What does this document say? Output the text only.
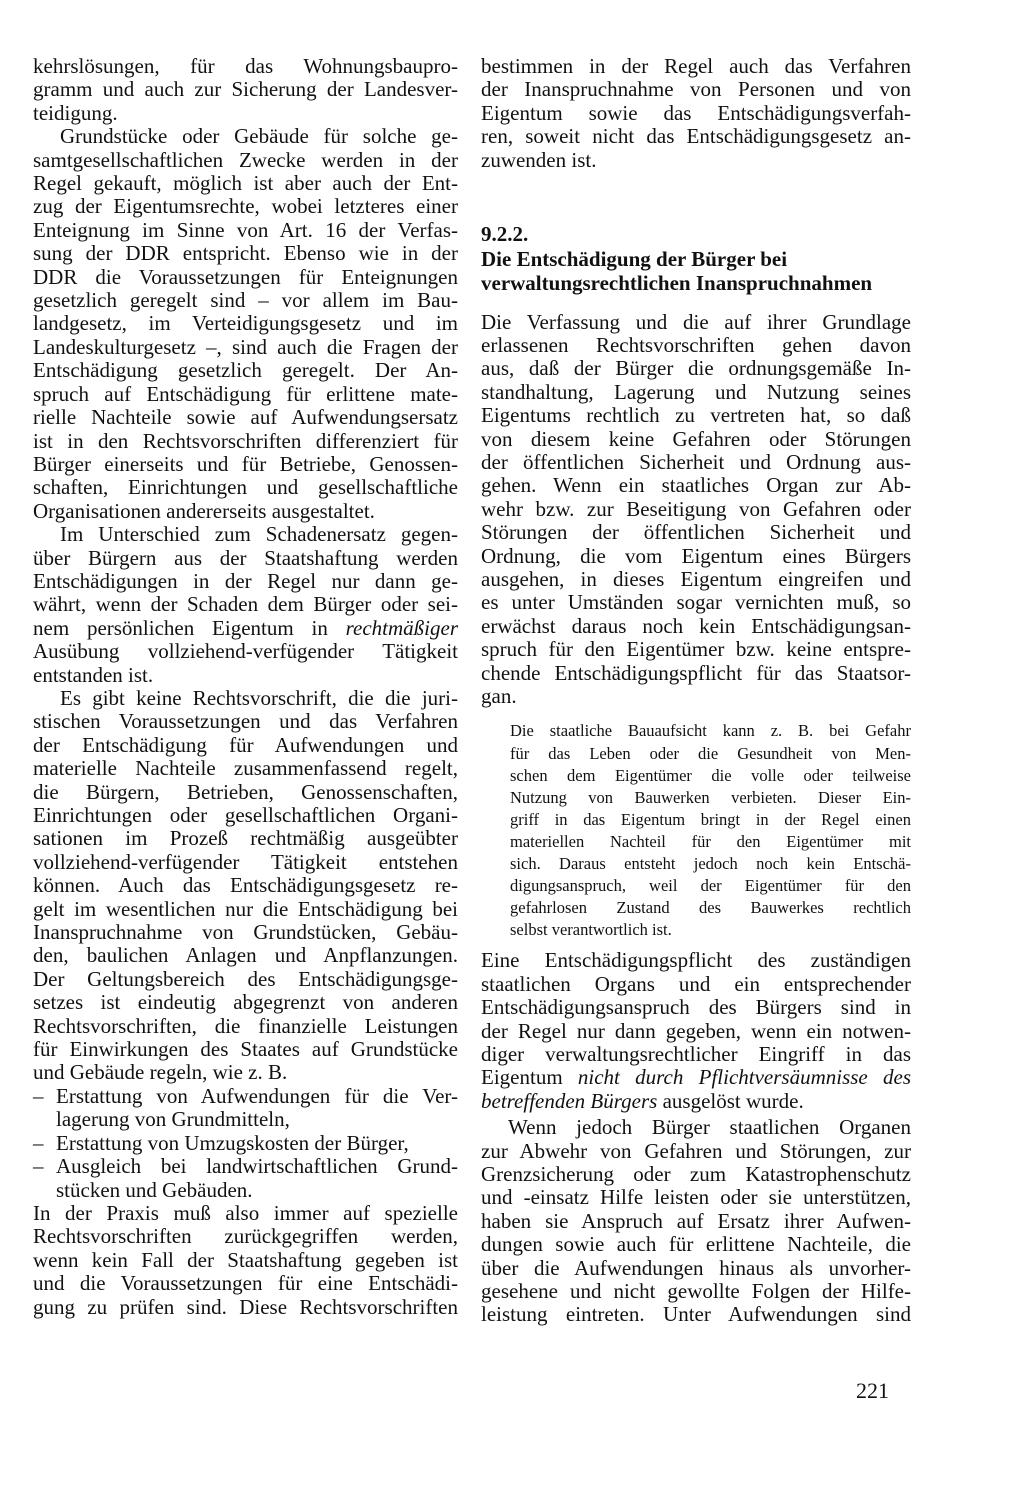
kehrslösungen, für das Wohnungsbaupro-
gramm und auch zur Sicherung der Landesver-
teidigung.
Grundstücke oder Gebäude für solche ge-
samtgesellschaftlichen Zwecke werden in der
Regel gekauft, möglich ist aber auch der Ent-
zug der Eigentumsrechte, wobei letzteres einer
Enteignung im Sinne von Art. 16 der Verfas-
sung der DDR entspricht. Ebenso wie in der
DDR die Voraussetzungen für Enteignungen
gesetzlich geregelt sind – vor allem im Bau-
landgesetz, im Verteidigungsgesetz und im
Landeskulturgesetz –, sind auch die Fragen der
Entschädigung gesetzlich geregelt. Der An-
spruch auf Entschädigung für erlittene mate-
rielle Nachteile sowie auf Aufwendungsersatz
ist in den Rechtsvorschriften differenziert für
Bürger einerseits und für Betriebe, Genossen-
schaften, Einrichtungen und gesellschaftliche
Organisationen andererseits ausgestaltet.
Im Unterschied zum Schadenersatz gegen-
über Bürgern aus der Staatshaftung werden
Entschädigungen in der Regel nur dann ge-
währt, wenn der Schaden dem Bürger oder sei-
nem persönlichen Eigentum in rechtmäßiger
Ausübung vollziehend-verfügender Tätigkeit
entstanden ist.
Es gibt keine Rechtsvorschrift, die die juri-
stischen Voraussetzungen und das Verfahren
der Entschädigung für Aufwendungen und
materielle Nachteile zusammenfassend regelt,
die Bürgern, Betrieben, Genossenschaften,
Einrichtungen oder gesellschaftlichen Organi-
sationen im Prozeß rechtmäßig ausgeübter
vollziehend-verfügender Tätigkeit entstehen
können. Auch das Entschädigungsgesetz re-
gelt im wesentlichen nur die Entschädigung bei
Inanspruchnahme von Grundstücken, Gebäu-
den, baulichen Anlagen und Anpflanzungen.
Der Geltungsbereich des Entschädigungsge-
setzes ist eindeutig abgegrenzt von anderen
Rechtsvorschriften, die finanzielle Leistungen
für Einwirkungen des Staates auf Grundstücke
und Gebäude regeln, wie z. B.
– Erstattung von Aufwendungen für die Ver-
lagerung von Grundmitteln,
– Erstattung von Umzugskosten der Bürger,
– Ausgleich bei landwirtschaftlichen Grund-
stücken und Gebäuden.
In der Praxis muß also immer auf spezielle
Rechtsvorschriften zurückgegriffen werden,
wenn kein Fall der Staatshaftung gegeben ist
und die Voraussetzungen für eine Entschädi-
gung zu prüfen sind. Diese Rechtsvorschriften
bestimmen in der Regel auch das Verfahren
der Inanspruchnahme von Personen und von
Eigentum sowie das Entschädigungsverfah-
ren, soweit nicht das Entschädigungsgesetz an-
zuwenden ist.
9.2.2.
Die Entschädigung der Bürger bei
verwaltungsrechtlichen Inanspruchnahmen
Die Verfassung und die auf ihrer Grundlage
erlassenen Rechtsvorschriften gehen davon
aus, daß der Bürger die ordnungsgemäße In-
standhaltung, Lagerung und Nutzung seines
Eigentums rechtlich zu vertreten hat, so daß
von diesem keine Gefahren oder Störungen
der öffentlichen Sicherheit und Ordnung aus-
gehen. Wenn ein staatliches Organ zur Ab-
wehr bzw. zur Beseitigung von Gefahren oder
Störungen der öffentlichen Sicherheit und
Ordnung, die vom Eigentum eines Bürgers
ausgehen, in dieses Eigentum eingreifen und
es unter Umständen sogar vernichten muß, so
erwächst daraus noch kein Entschädigungsan-
spruch für den Eigentümer bzw. keine entspre-
chende Entschädigungspflicht für das Staatsor-
gan.
Die staatliche Bauaufsicht kann z. B. bei Gefahr
für das Leben oder die Gesundheit von Men-
schen dem Eigentümer die volle oder teilweise
Nutzung von Bauwerken verbieten. Dieser Ein-
griff in das Eigentum bringt in der Regel einen
materiellen Nachteil für den Eigentümer mit
sich. Daraus entsteht jedoch noch kein Entschä-
digungsanspruch, weil der Eigentümer für den
gefahrlosen Zustand des Bauwerkes rechtlich
selbst verantwortlich ist.
Eine Entschädigungspflicht des zuständigen
staatlichen Organs und ein entsprechender
Entschädigungsanspruch des Bürgers sind in
der Regel nur dann gegeben, wenn ein notwen-
diger verwaltungsrechtlicher Eingriff in das
Eigentum nicht durch Pflichtversäumnisse des
betreffenden Bürgers ausgelöst wurde.
Wenn jedoch Bürger staatlichen Organen
zur Abwehr von Gefahren und Störungen, zur
Grenzsicherung oder zum Katastrophenschutz
und -einsatz Hilfe leisten oder sie unterstützen,
haben sie Anspruch auf Ersatz ihrer Aufwen-
dungen sowie auch für erlittene Nachteile, die
über die Aufwendungen hinaus als unvorher-
gesehene und nicht gewollte Folgen der Hilfe-
leistung eintreten. Unter Aufwendungen sind
221
